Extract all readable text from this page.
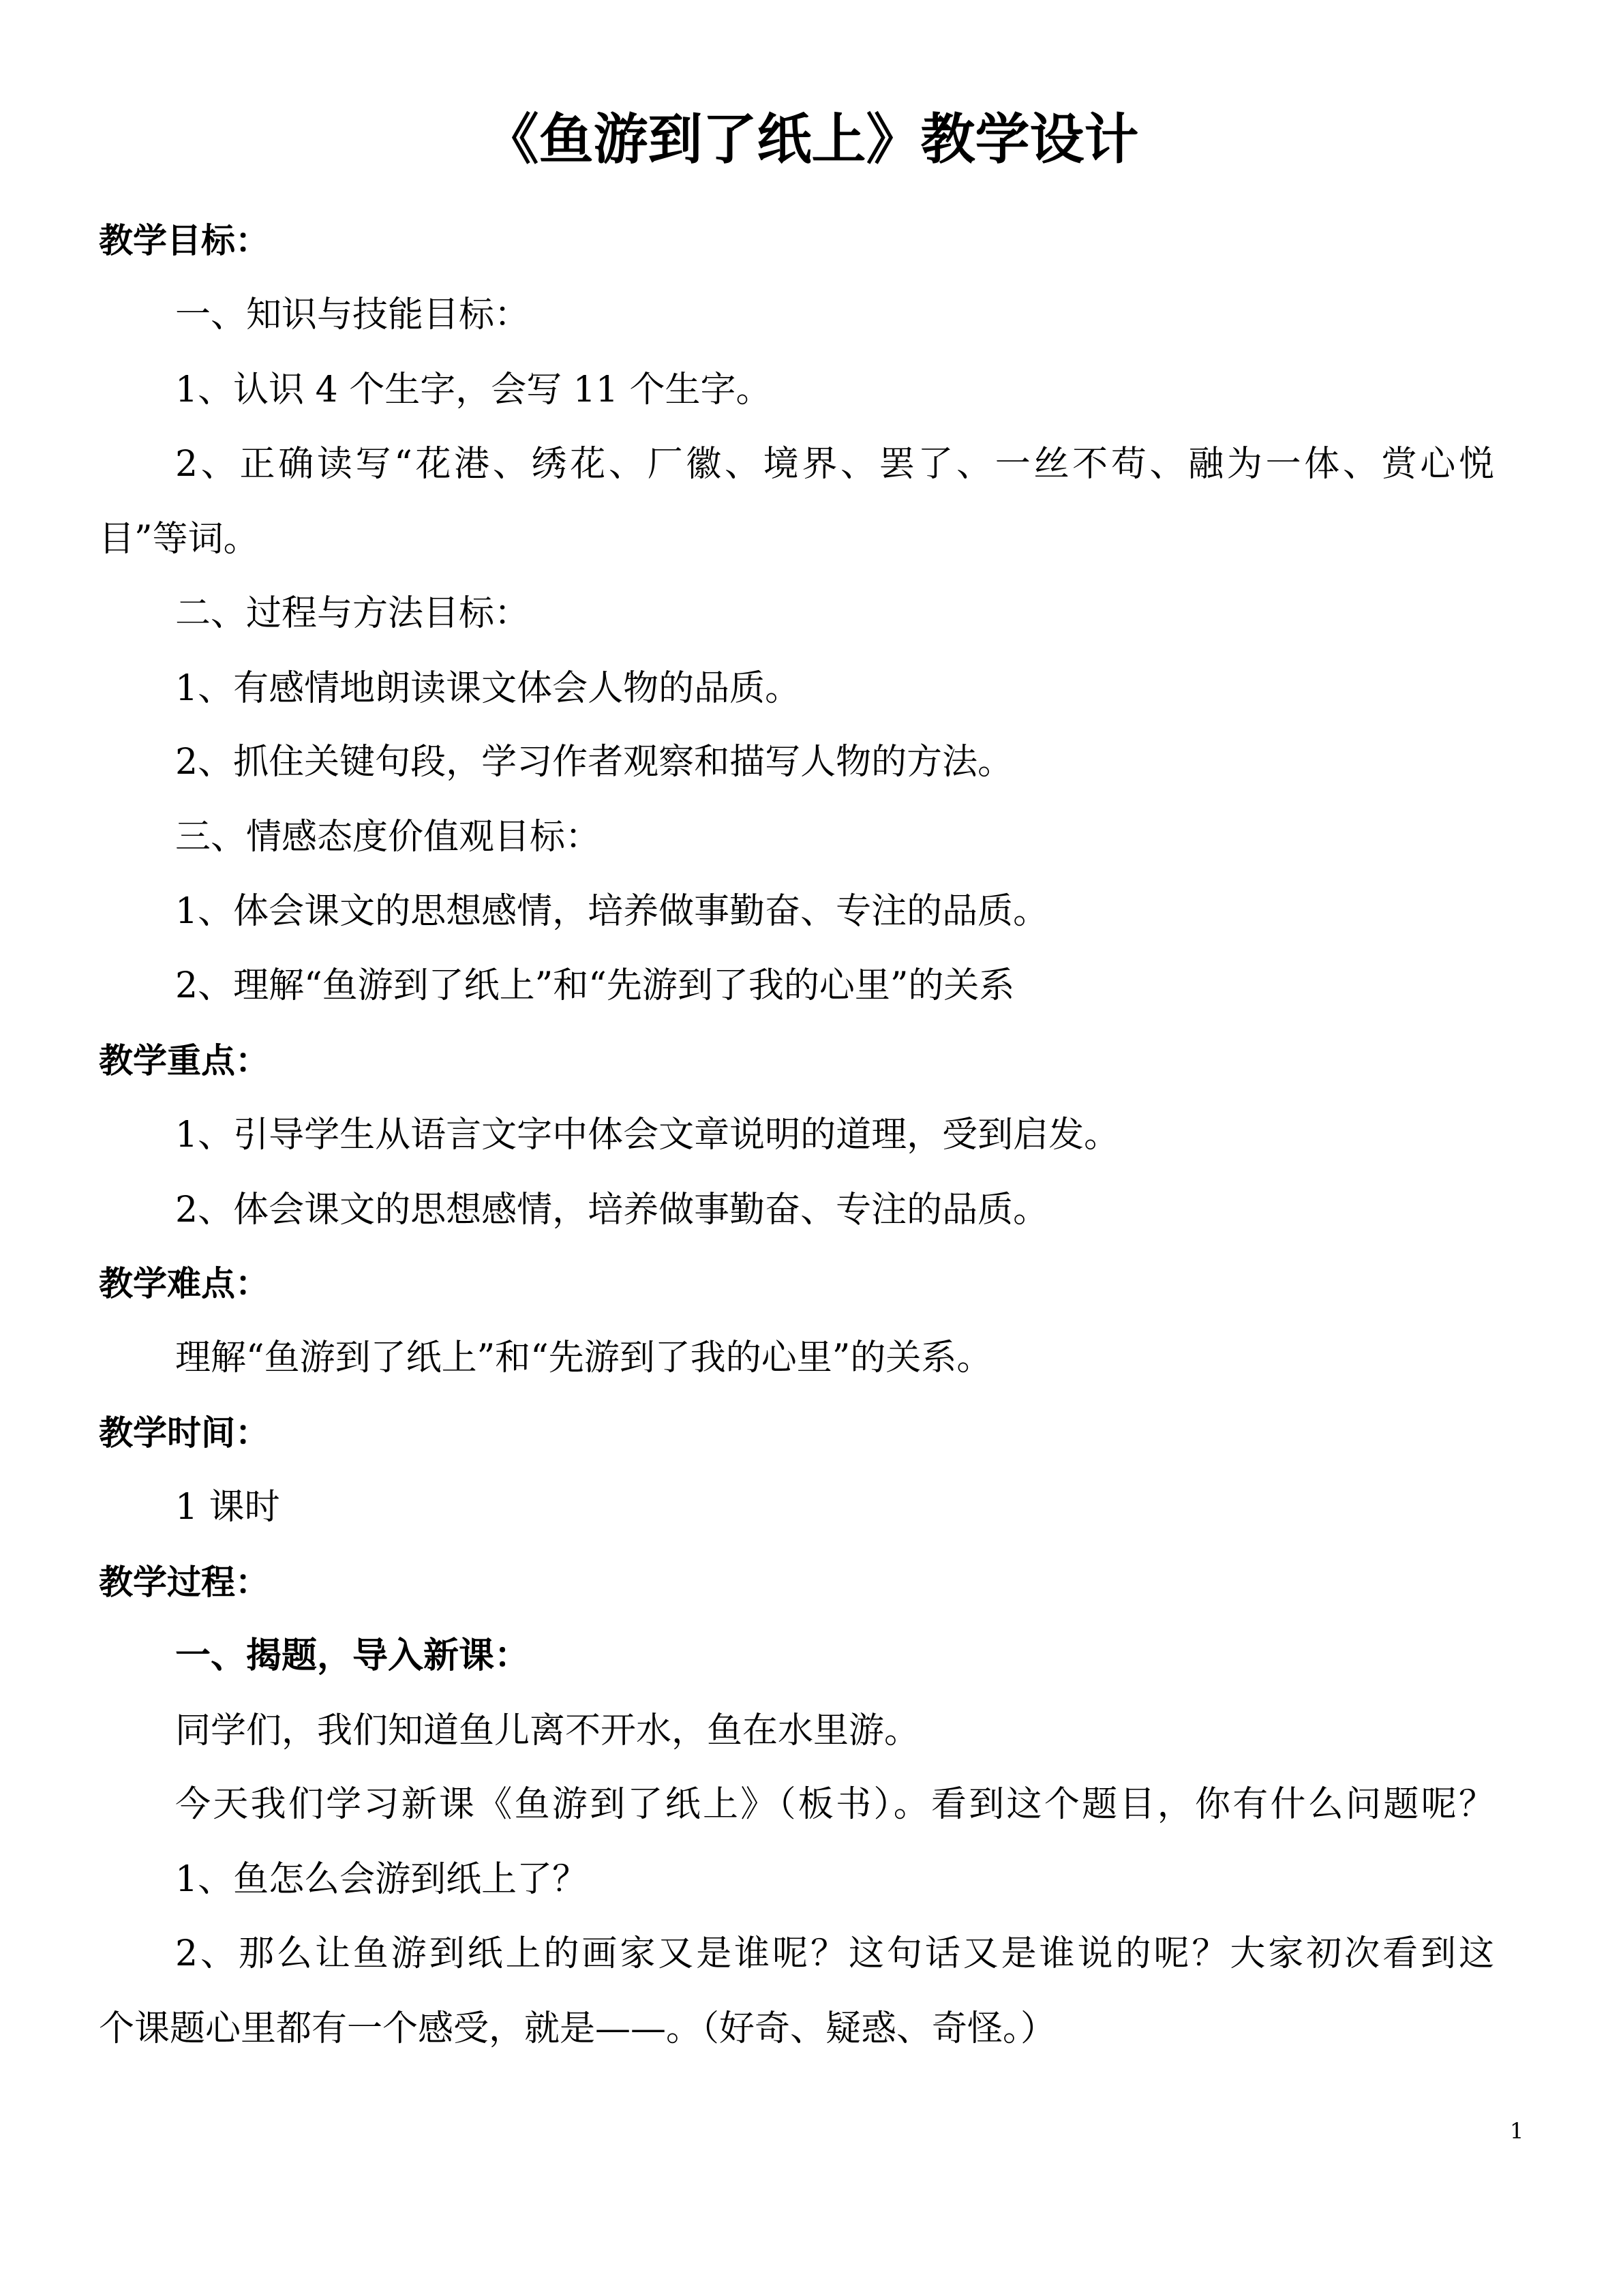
《鱼游到了纸上》教学设计
教学目标：
一、知识与技能目标：
1、认识 4 个生字，会写 11 个生字。
2、正确读写“花港、绣花、厂徽、境界、罢了、一丝不苟、融为一体、赏心悦
目”等词。
二、过程与方法目标：
1、有感情地朗读课文体会人物的品质。
2、抓住关键句段，学习作者观察和描写人物的方法。
三、情感态度价值观目标：
1、体会课文的思想感情，培养做事勤奋、专注的品质。
2、理解“鱼游到了纸上”和“先游到了我的心里”的关系
教学重点：
1、引导学生从语言文字中体会文章说明的道理，受到启发。
2、体会课文的思想感情，培养做事勤奋、专注的品质。
教学难点：
理解“鱼游到了纸上”和“先游到了我的心里”的关系。
教学时间：
1 课时
教学过程：
一、揭题，导入新课：
同学们，我们知道鱼儿离不开水，鱼在水里游。
今天我们学习新课《鱼游到了纸上》（板书）。看到这个题目，你有什么问题呢？
1、鱼怎么会游到纸上了？
2、那么让鱼游到纸上的画家又是谁呢？这句话又是谁说的呢？大家初次看到这
个课题心里都有一个感受，就是——。（好奇、疑惑、奇怪。）
1
